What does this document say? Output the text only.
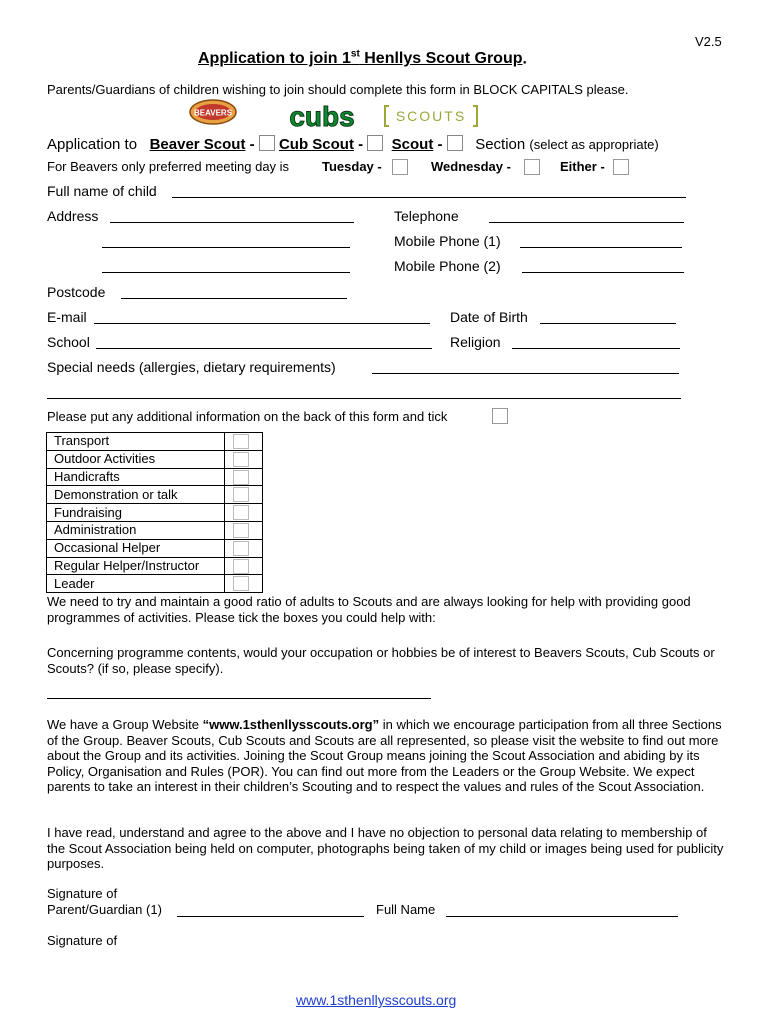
V2.5
Application to join 1st Henllys Scout Group.
Parents/Guardians of children wishing to join should complete this form in BLOCK CAPITALS please.
BEAVERS cubs	SCOUTS
Application to Beaver Scout - Cub Scout - Scout - Section (select as appropriate)
For Beavers only preferred meeting day is	Tuesday -	Wednesday -	Either -
Full name of child
Address	Telephone
Mobile Phone (1)
Mobile Phone (2)
Postcode
E-mail	Date of Birth
School	Religion
Special needs (allergies, dietary requirements)
Please put any additional information on the back of this form and tick
Transport	

Outdoor Activities	

Handicrafts	

Demonstration or talk	

Fundraising	

Administration	

Occasional Helper	

Regular Helper/Instructor	

Leader	
We need to try and maintain a good ratio of adults to Scouts and are always looking for help with providing good programmes of activities. Please tick the boxes you could help with:
Concerning programme contents, would your occupation or hobbies be of interest to Beavers Scouts, Cub Scouts or Scouts? (if so, please specify).
We have a Group Website “www.1sthenllysscouts.org” in which we encourage participation from all three Sections of the Group. Beaver Scouts, Cub Scouts and Scouts are all represented, so please visit the website to find out more about the Group and its activities. Joining the Scout Group means joining the Scout Association and abiding by its Policy, Organisation and Rules (POR). You can find out more from the Leaders or the Group Website. We expect parents to take an interest in their children’s Scouting and to respect the values and rules of the Scout Association.
I have read, understand and agree to the above and I have no objection to personal data relating to membership of the Scout Association being held on computer, photographs being taken of my child or images being used for publicity purposes.
Signature of
Parent/Guardian (1)	Full Name
Signature of
www.1sthenllysscouts.org
